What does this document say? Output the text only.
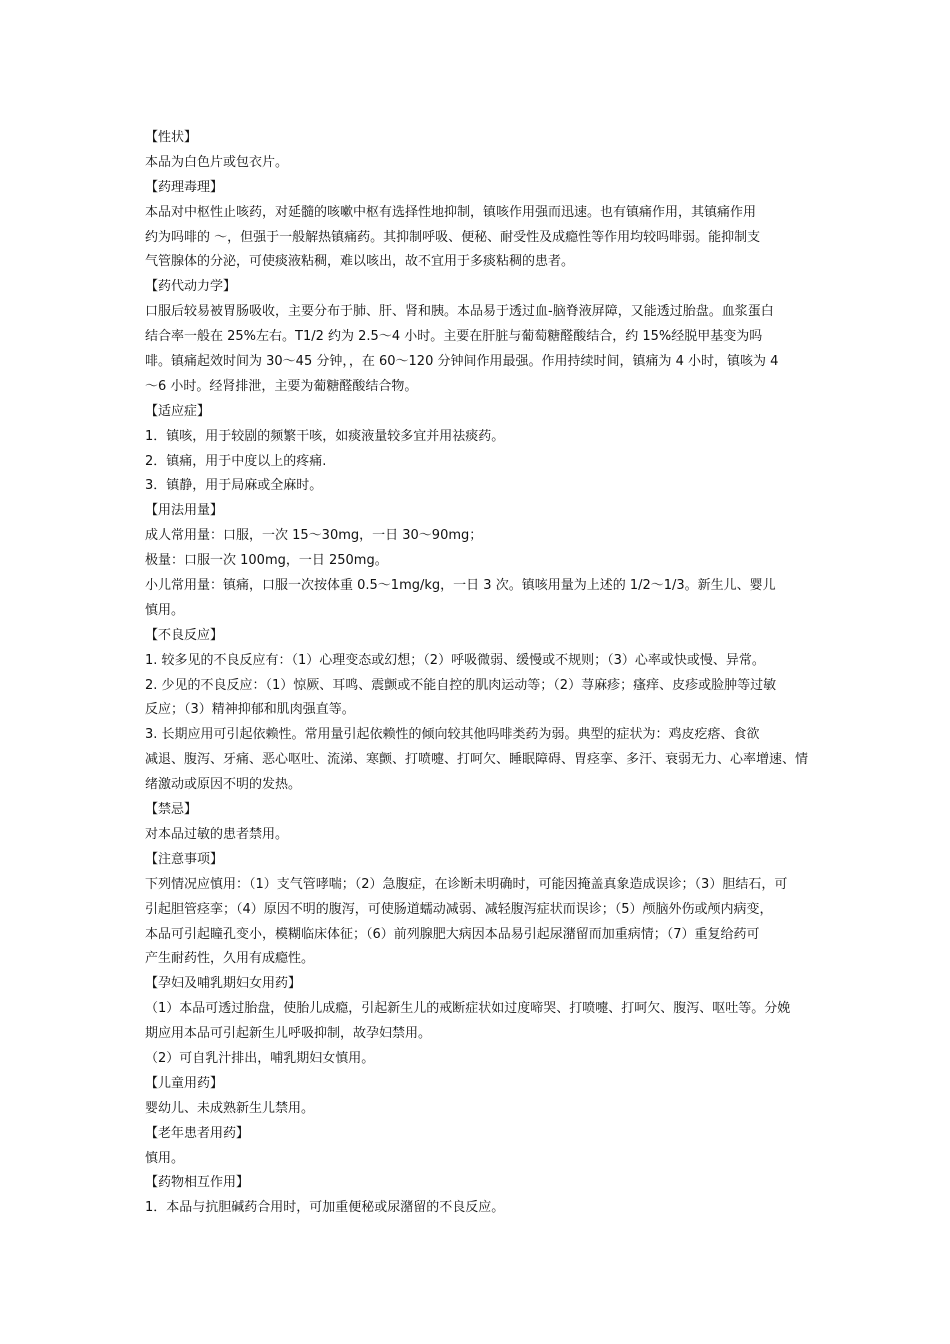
【性状】
本品为白色片或包衣片。
【药理毒理】
本品对中枢性止咳药，对延髓的咳嗽中枢有选择性地抑制，镇咳作用强而迅速。也有镇痛作用，其镇痛作用
约为吗啡的 ～，但强于一般解热镇痛药。其抑制呼吸、便秘、耐受性及成瘾性等作用均较吗啡弱。能抑制支
气管腺体的分泌，可使痰液粘稠，难以咳出，故不宜用于多痰粘稠的患者。
【药代动力学】
口服后较易被胃肠吸收，主要分布于肺、肝、肾和胰。本品易于透过血-脑脊液屏障，又能透过胎盘。血浆蛋白
结合率一般在 25%左右。T1/2 约为 2.5～4 小时。主要在肝脏与葡萄糖醛酸结合，约 15%经脱甲基变为吗
啡。镇痛起效时间为 30～45 分钟，，在 60～120 分钟间作用最强。作用持续时间，镇痛为 4 小时，镇咳为 4
～6 小时。经肾排泄，主要为葡糖醛酸结合物。
【适应症】
1．镇咳，用于较剧的频繁干咳，如痰液量较多宜并用祛痰药。
2．镇痛，用于中度以上的疼痛.
3．镇静，用于局麻或全麻时。
【用法用量】
成人常用量：口服，一次 15～30mg，一日 30～90mg；
极量：口服一次 100mg，一日 250mg。
小儿常用量：镇痛，口服一次按体重 0.5～1mg/kg，一日 3 次。镇咳用量为上述的 1/2～1/3。新生儿、婴儿
慎用。
【不良反应】
1. 较多见的不良反应有：（1）心理变态或幻想；（2）呼吸微弱、缓慢或不规则；（3）心率或快或慢、异常。
2. 少见的不良反应：（1）惊厥、耳鸣、震颤或不能自控的肌肉运动等；（2）荨麻疹；瘙痒、皮疹或脸肿等过敏
反应；（3）精神抑郁和肌肉强直等。
3. 长期应用可引起依赖性。常用量引起依赖性的倾向较其他吗啡类药为弱。典型的症状为：鸡皮疙瘩、食欲
减退、腹泻、牙痛、恶心呕吐、流涕、寒颤、打喷嚏、打呵欠、睡眠障碍、胃痉挛、多汗、衰弱无力、心率增速、情
绪激动或原因不明的发热。
【禁忌】
对本品过敏的患者禁用。
【注意事项】
下列情况应慎用：（1）支气管哮喘；（2）急腹症，在诊断未明确时，可能因掩盖真象造成误诊；（3）胆结石，可
引起胆管痉挛；（4）原因不明的腹泻，可使肠道蠕动减弱、减轻腹泻症状而误诊；（5）颅脑外伤或颅内病变，
本品可引起瞳孔变小，模糊临床体征；（6）前列腺肥大病因本品易引起尿潴留而加重病情；（7）重复给药可
产生耐药性，久用有成瘾性。
【孕妇及哺乳期妇女用药】
（1）本品可透过胎盘，使胎儿成瘾，引起新生儿的戒断症状如过度啼哭、打喷嚏、打呵欠、腹泻、呕吐等。分娩
期应用本品可引起新生儿呼吸抑制，故孕妇禁用。
（2）可自乳汁排出，哺乳期妇女慎用。
【儿童用药】
婴幼儿、未成熟新生儿禁用。
【老年患者用药】
慎用。
【药物相互作用】
1．本品与抗胆碱药合用时，可加重便秘或尿潴留的不良反应。
